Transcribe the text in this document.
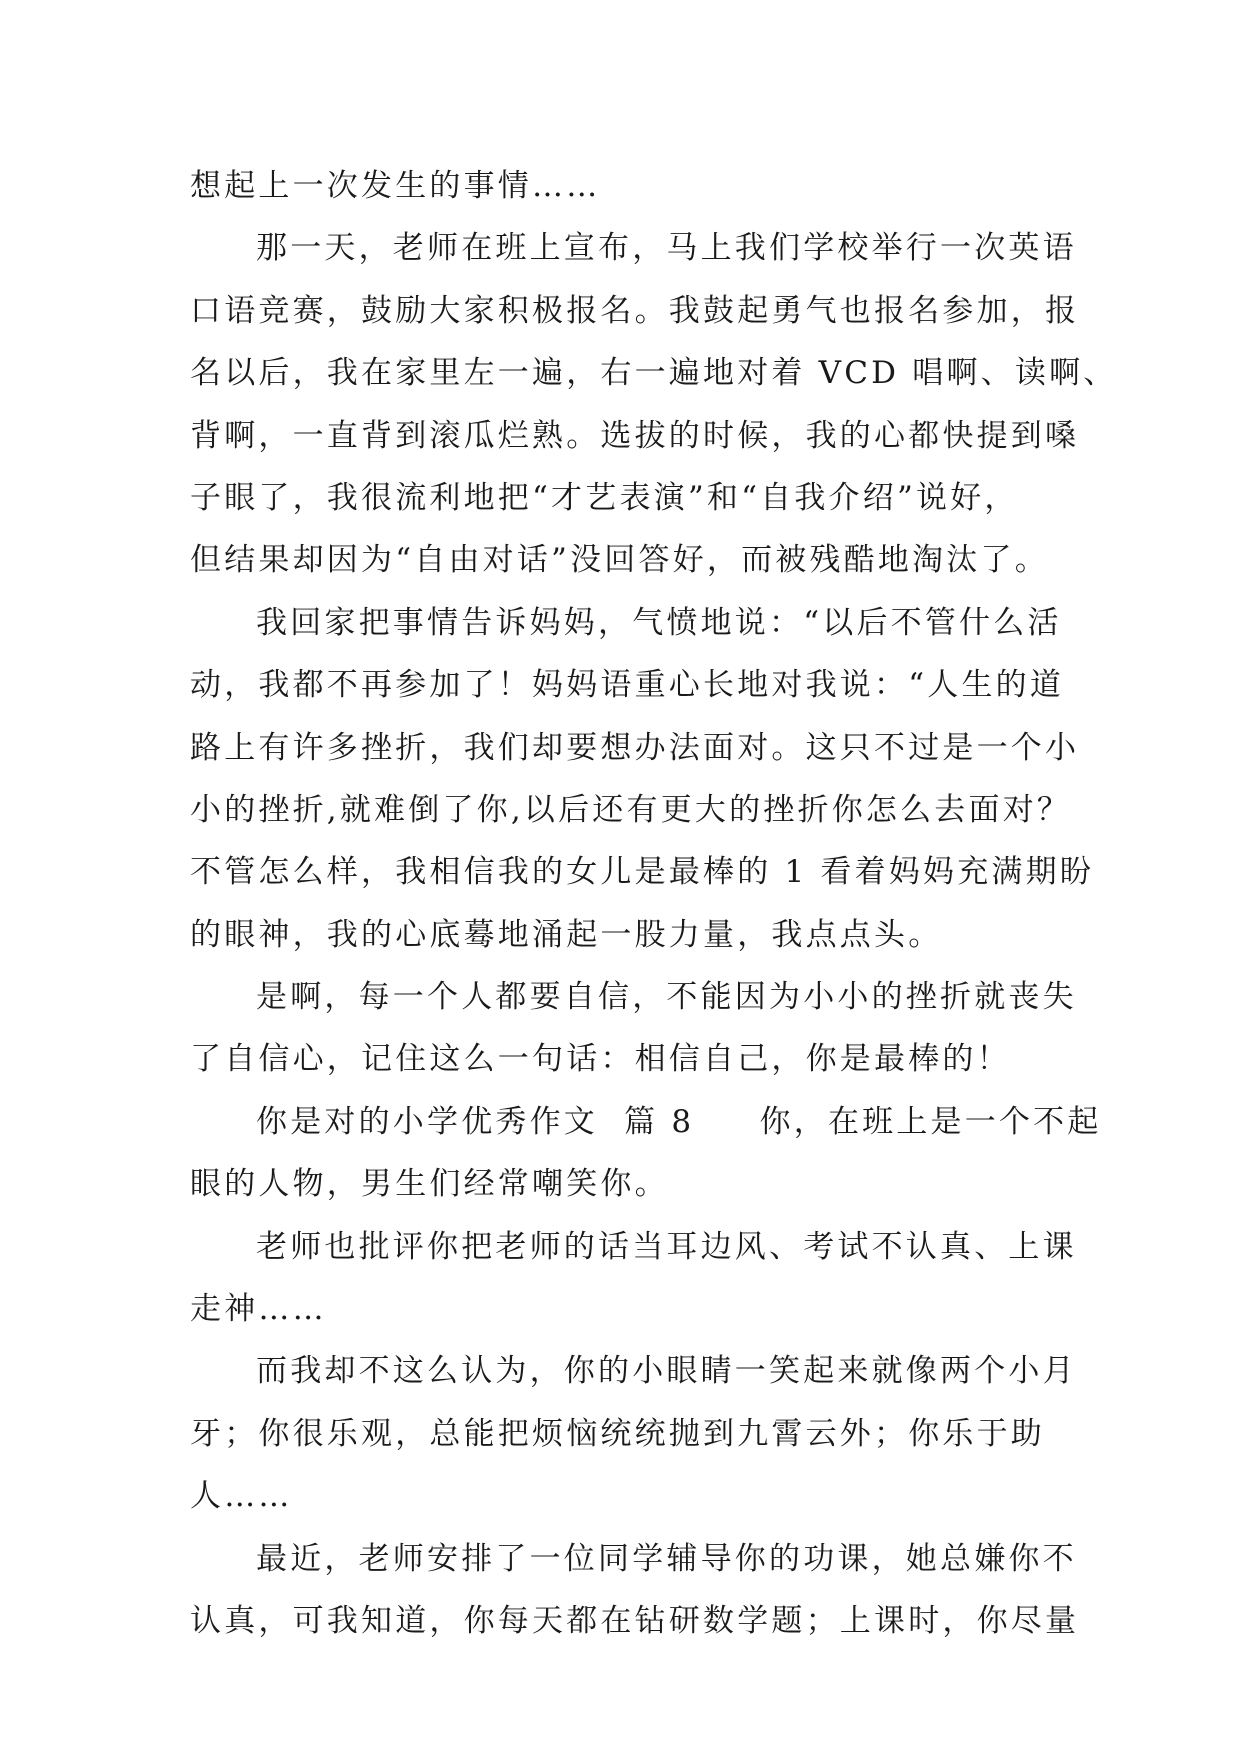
想起上一次发生的事情……
那一天，老师在班上宣布，马上我们学校举行一次英语
口语竞赛，鼓励大家积极报名。我鼓起勇气也报名参加，报
名以后，我在家里左一遍，右一遍地对着 VCD 唱啊、读啊、
背啊，一直背到滚瓜烂熟。选拔的时候，我的心都快提到嗓
子眼了，我很流利地把“才艺表演”和“自我介绍”说好，
但结果却因为“自由对话”没回答好，而被残酷地淘汰了。
我回家把事情告诉妈妈，气愤地说：“以后不管什么活
动，我都不再参加了！妈妈语重心长地对我说：“人生的道
路上有许多挫折，我们却要想办法面对。这只不过是一个小
小的挫折,就难倒了你,以后还有更大的挫折你怎么去面对？
不管怎么样，我相信我的女儿是最棒的 1 看着妈妈充满期盼
的眼神，我的心底蓦地涌起一股力量，我点点头。
是啊，每一个人都要自信，不能因为小小的挫折就丧失
了自信心，记住这么一句话：相信自己，你是最棒的！
你是对的小学优秀作文  篇 8     你，在班上是一个不起
眼的人物，男生们经常嘲笑你。
老师也批评你把老师的话当耳边风、考试不认真、上课
走神……
而我却不这么认为，你的小眼睛一笑起来就像两个小月
牙；你很乐观，总能把烦恼统统抛到九霄云外；你乐于助
人……
最近，老师安排了一位同学辅导你的功课，她总嫌你不
认真，可我知道，你每天都在钻研数学题；上课时，你尽量
